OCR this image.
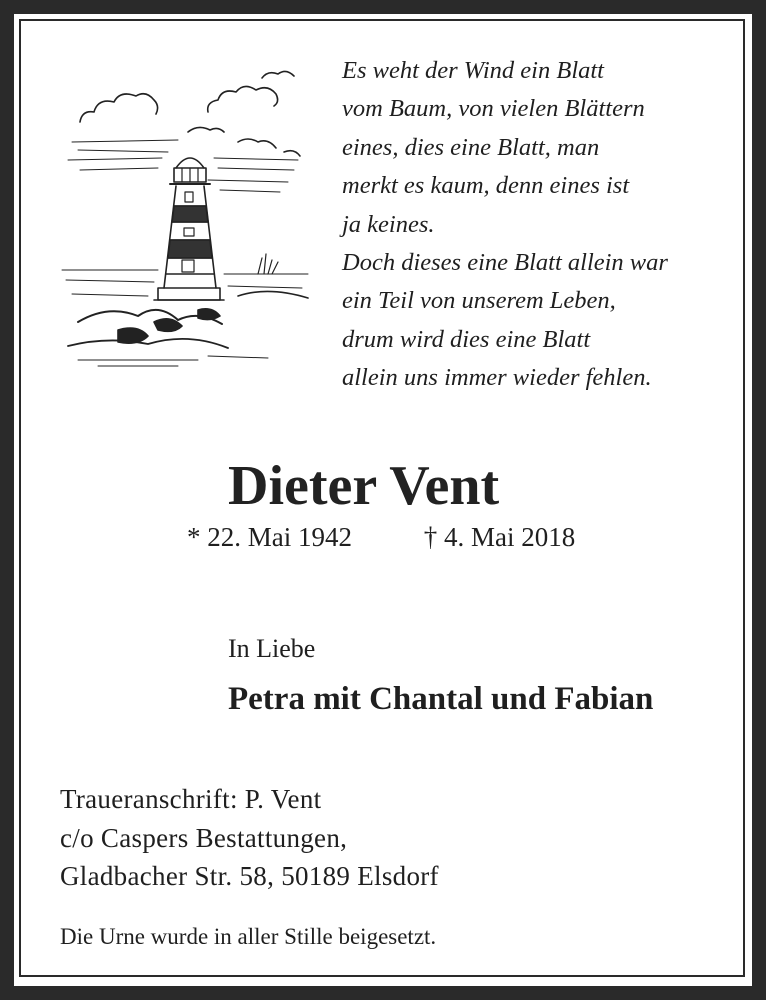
Es weht der Wind ein Blatt
vom Baum, von vielen Blättern
eines, dies eine Blatt, man
merkt es kaum, denn eines ist
ja keines.
Doch dieses eine Blatt allein war
ein Teil von unserem Leben,
drum wird dies eine Blatt
allein uns immer wieder fehlen.
Dieter Vent
* 22. Mai 1942	† 4. Mai 2018
In Liebe
Petra mit Chantal und Fabian
Traueranschrift: P. Vent
c/o Caspers Bestattungen,
Gladbacher Str. 58, 50189 Elsdorf
Die Urne wurde in aller Stille beigesetzt.
